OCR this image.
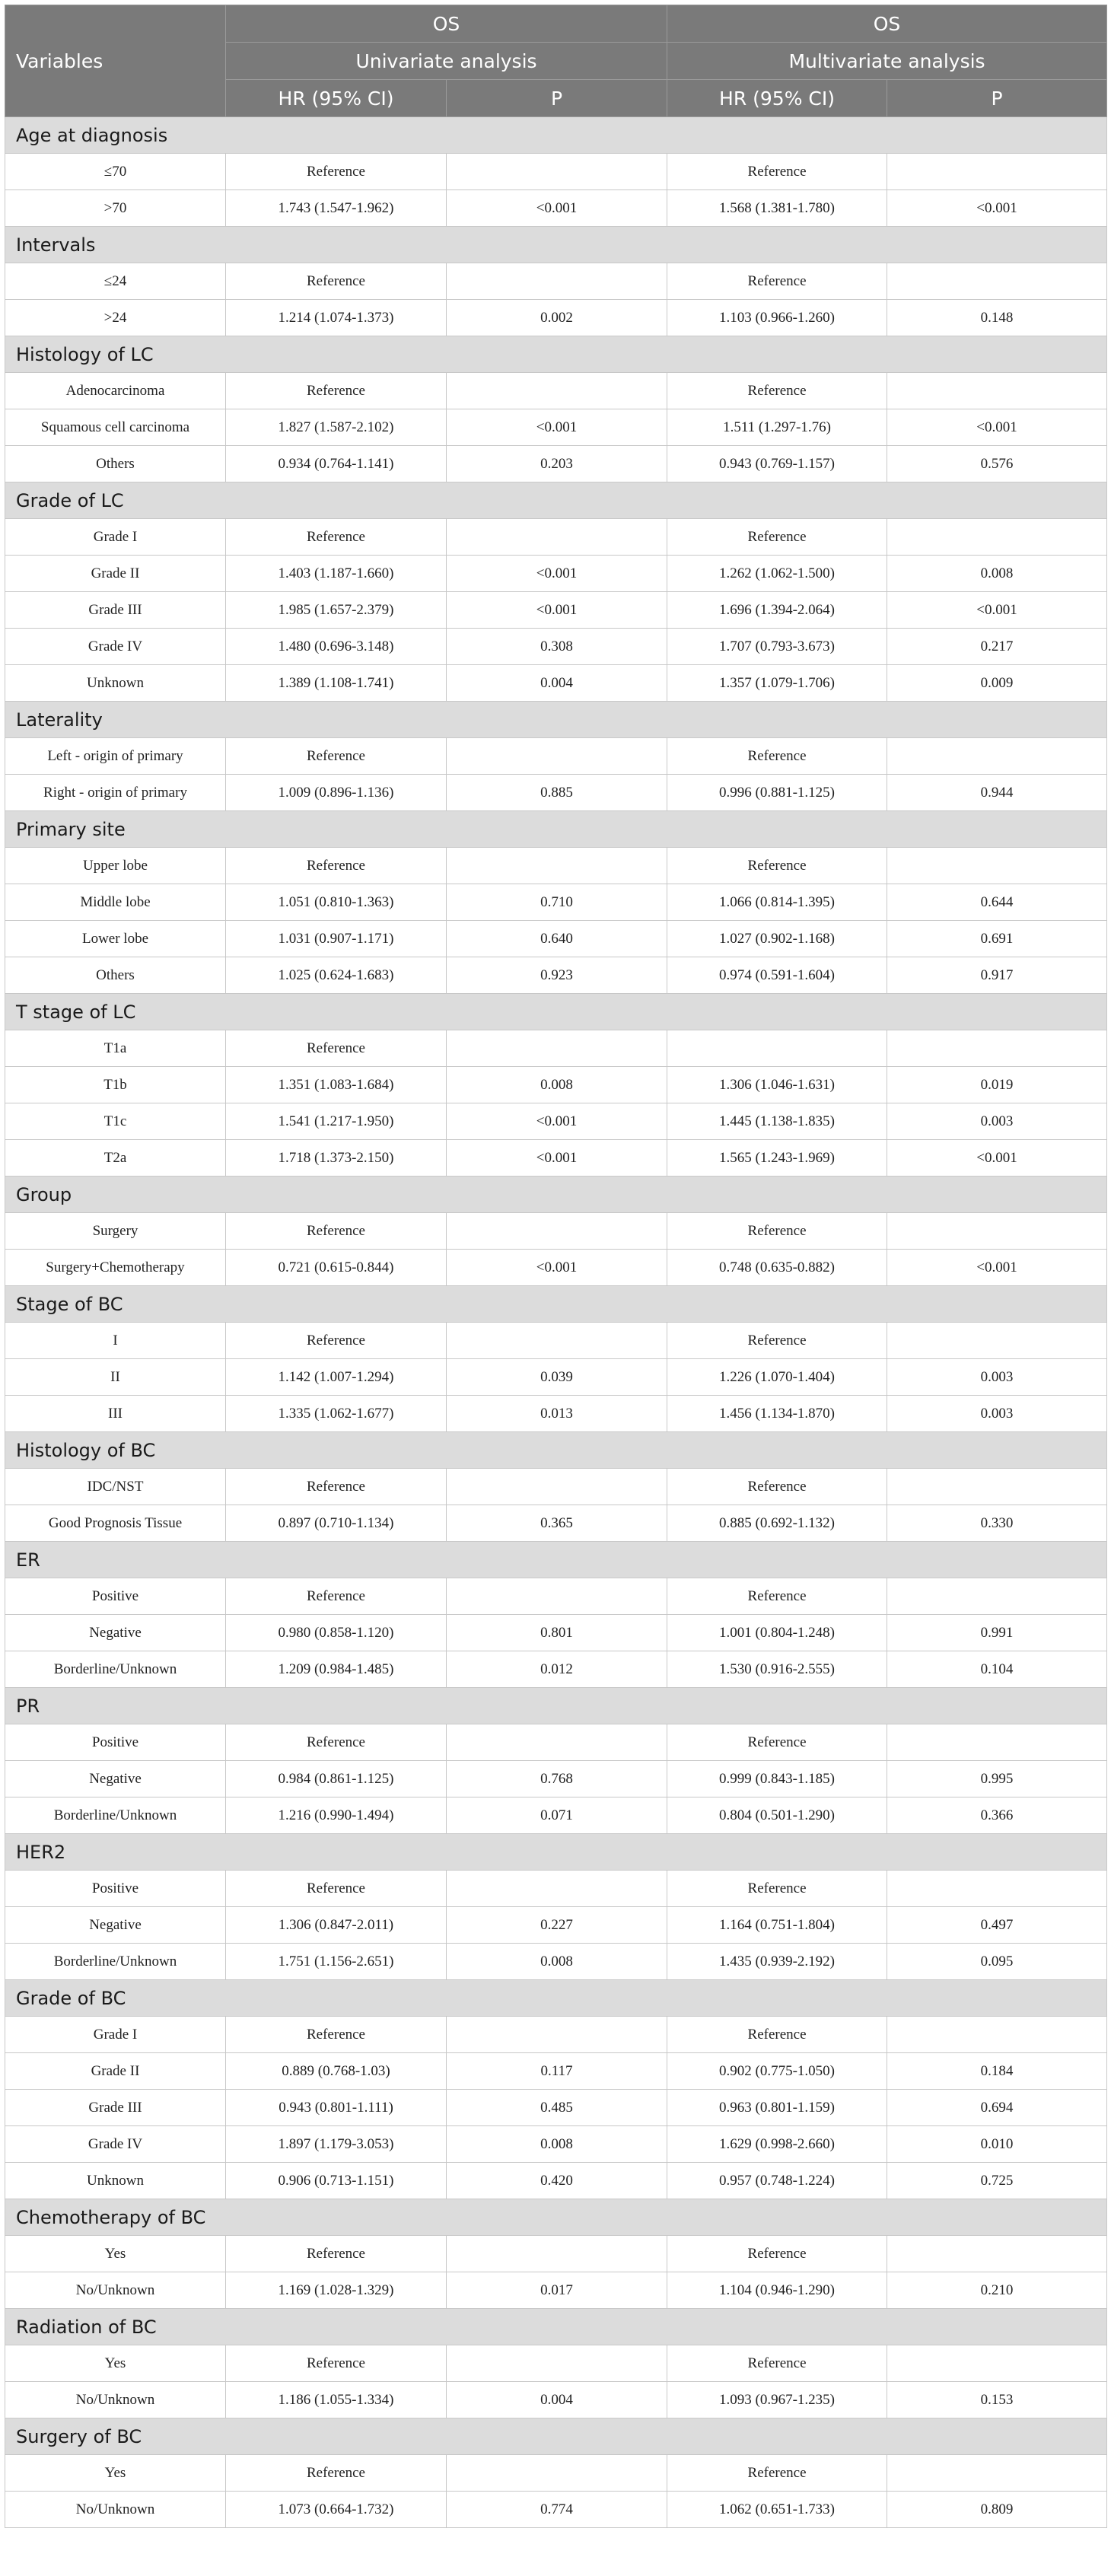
Variables	OS		OS	
	Univariate analysis		Multivariate analysis	
	HR (95% CI)	P	HR (95% CI)	P
Age at diagnosis				
≤70	Reference		Reference	
>70	1.743 (1.547-1.962)	<0.001	1.568 (1.381-1.780)	<0.001
Intervals				
≤24	Reference		Reference	
>24	1.214 (1.074-1.373)	0.002	1.103 (0.966-1.260)	0.148
Histology of LC				
Adenocarcinoma	Reference		Reference	
Squamous cell carcinoma	1.827 (1.587-2.102)	<0.001	1.511 (1.297-1.76)	<0.001
Others	0.934 (0.764-1.141)	0.203	0.943 (0.769-1.157)	0.576
Grade of LC				
Grade I	Reference		Reference	
Grade II	1.403 (1.187-1.660)	<0.001	1.262 (1.062-1.500)	0.008
Grade III	1.985 (1.657-2.379)	<0.001	1.696 (1.394-2.064)	<0.001
Grade IV	1.480 (0.696-3.148)	0.308	1.707 (0.793-3.673)	0.217
Unknown	1.389 (1.108-1.741)	0.004	1.357 (1.079-1.706)	0.009
Laterality				
Left - origin of primary	Reference		Reference	
Right - origin of primary	1.009 (0.896-1.136)	0.885	0.996 (0.881-1.125)	0.944
Primary site				
Upper lobe	Reference		Reference	
Middle lobe	1.051 (0.810-1.363)	0.710	1.066 (0.814-1.395)	0.644
Lower lobe	1.031 (0.907-1.171)	0.640	1.027 (0.902-1.168)	0.691
Others	1.025 (0.624-1.683)	0.923	0.974 (0.591-1.604)	0.917
T stage of LC				
T1a	Reference			
T1b	1.351 (1.083-1.684)	0.008	1.306 (1.046-1.631)	0.019
T1c	1.541 (1.217-1.950)	<0.001	1.445 (1.138-1.835)	0.003
T2a	1.718 (1.373-2.150)	<0.001	1.565 (1.243-1.969)	<0.001
Group				
Surgery	Reference		Reference	
Surgery+Chemotherapy	0.721 (0.615-0.844)	<0.001	0.748 (0.635-0.882)	<0.001
Stage of BC				
I	Reference		Reference	
II	1.142 (1.007-1.294)	0.039	1.226 (1.070-1.404)	0.003
III	1.335 (1.062-1.677)	0.013	1.456 (1.134-1.870)	0.003
Histology of BC				
IDC/NST	Reference		Reference	
Good Prognosis Tissue	0.897 (0.710-1.134)	0.365	0.885 (0.692-1.132)	0.330
ER				
Positive	Reference		Reference	
Negative	0.980 (0.858-1.120)	0.801	1.001 (0.804-1.248)	0.991
Borderline/Unknown	1.209 (0.984-1.485)	0.012	1.530 (0.916-2.555)	0.104
PR				
Positive	Reference		Reference	
Negative	0.984 (0.861-1.125)	0.768	0.999 (0.843-1.185)	0.995
Borderline/Unknown	1.216 (0.990-1.494)	0.071	0.804 (0.501-1.290)	0.366
HER2				
Positive	Reference		Reference	
Negative	1.306 (0.847-2.011)	0.227	1.164 (0.751-1.804)	0.497
Borderline/Unknown	1.751 (1.156-2.651)	0.008	1.435 (0.939-2.192)	0.095
Grade of BC				
Grade I	Reference		Reference	
Grade II	0.889 (0.768-1.03)	0.117	0.902 (0.775-1.050)	0.184
Grade III	0.943 (0.801-1.111)	0.485	0.963 (0.801-1.159)	0.694
Grade IV	1.897 (1.179-3.053)	0.008	1.629 (0.998-2.660)	0.010
Unknown	0.906 (0.713-1.151)	0.420	0.957 (0.748-1.224)	0.725
Chemotherapy of BC				
Yes	Reference		Reference	
No/Unknown	1.169 (1.028-1.329)	0.017	1.104 (0.946-1.290)	0.210
Radiation of BC				
Yes	Reference		Reference	
No/Unknown	1.186 (1.055-1.334)	0.004	1.093 (0.967-1.235)	0.153
Surgery of BC				
Yes	Reference		Reference	
No/Unknown	1.073 (0.664-1.732)	0.774	1.062 (0.651-1.733)	0.809
